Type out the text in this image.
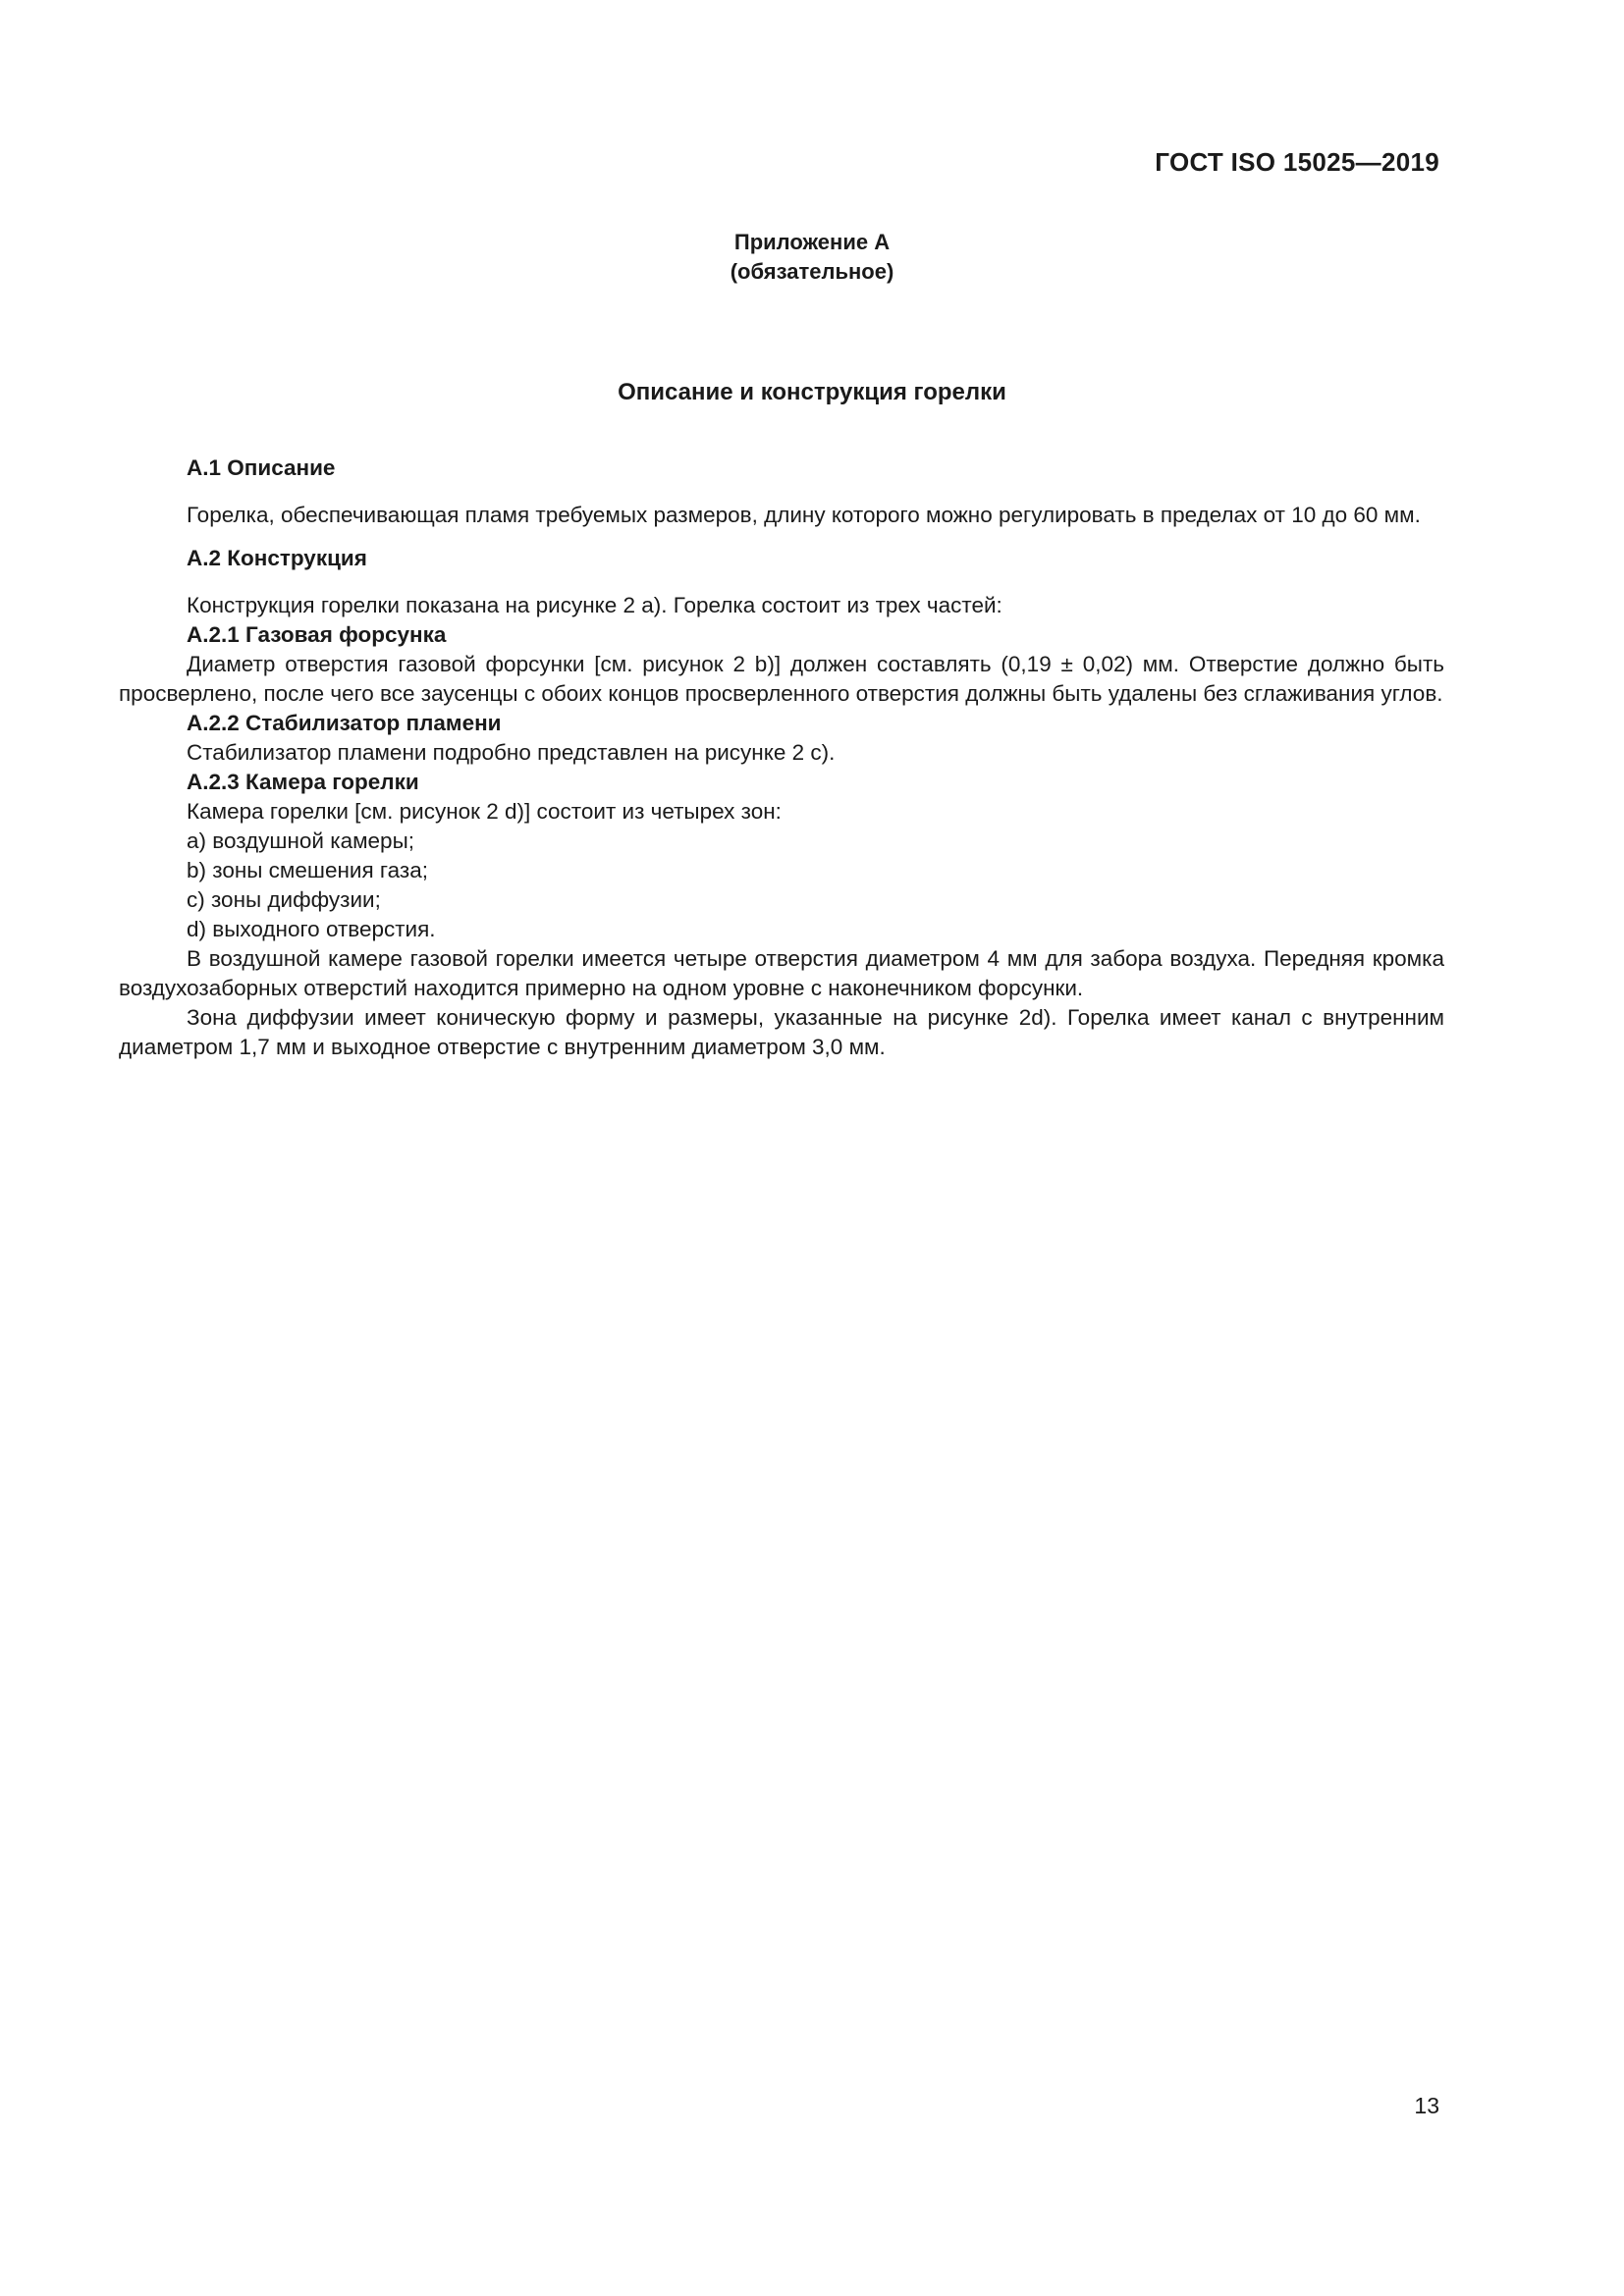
ГОСТ ISO 15025—2019
Приложение А
(обязательное)
Описание и конструкция горелки
А.1 Описание

Горелка, обеспечивающая пламя требуемых размеров, длину которого можно регулировать в пределах от 10 до 60 мм.

А.2 Конструкция

Конструкция горелки показана на рисунке 2 а). Горелка состоит из трех частей:

А.2.1 Газовая форсунка

Диаметр отверстия газовой форсунки [см. рисунок 2 b)] должен составлять (0,19 ± 0,02) мм. Отверстие должно быть просверлено, после чего все заусенцы с обоих концов просверленного отверстия должны быть удалены без сглаживания углов.

А.2.2 Стабилизатор пламени

Стабилизатор пламени подробно представлен на рисунке 2 с).

А.2.3 Камера горелки

Камера горелки [см. рисунок 2 d)] состоит из четырех зон:

a) воздушной камеры;
b) зоны смешения газа;
c) зоны диффузии;
d) выходного отверстия.

В воздушной камере газовой горелки имеется четыре отверстия диаметром 4 мм для забора воздуха. Передняя кромка воздухозаборных отверстий находится примерно на одном уровне с наконечником форсунки.

Зона диффузии имеет коническую форму и размеры, указанные на рисунке 2d). Горелка имеет канал с внутренним диаметром 1,7 мм и выходное отверстие с внутренним диаметром 3,0 мм.

13
